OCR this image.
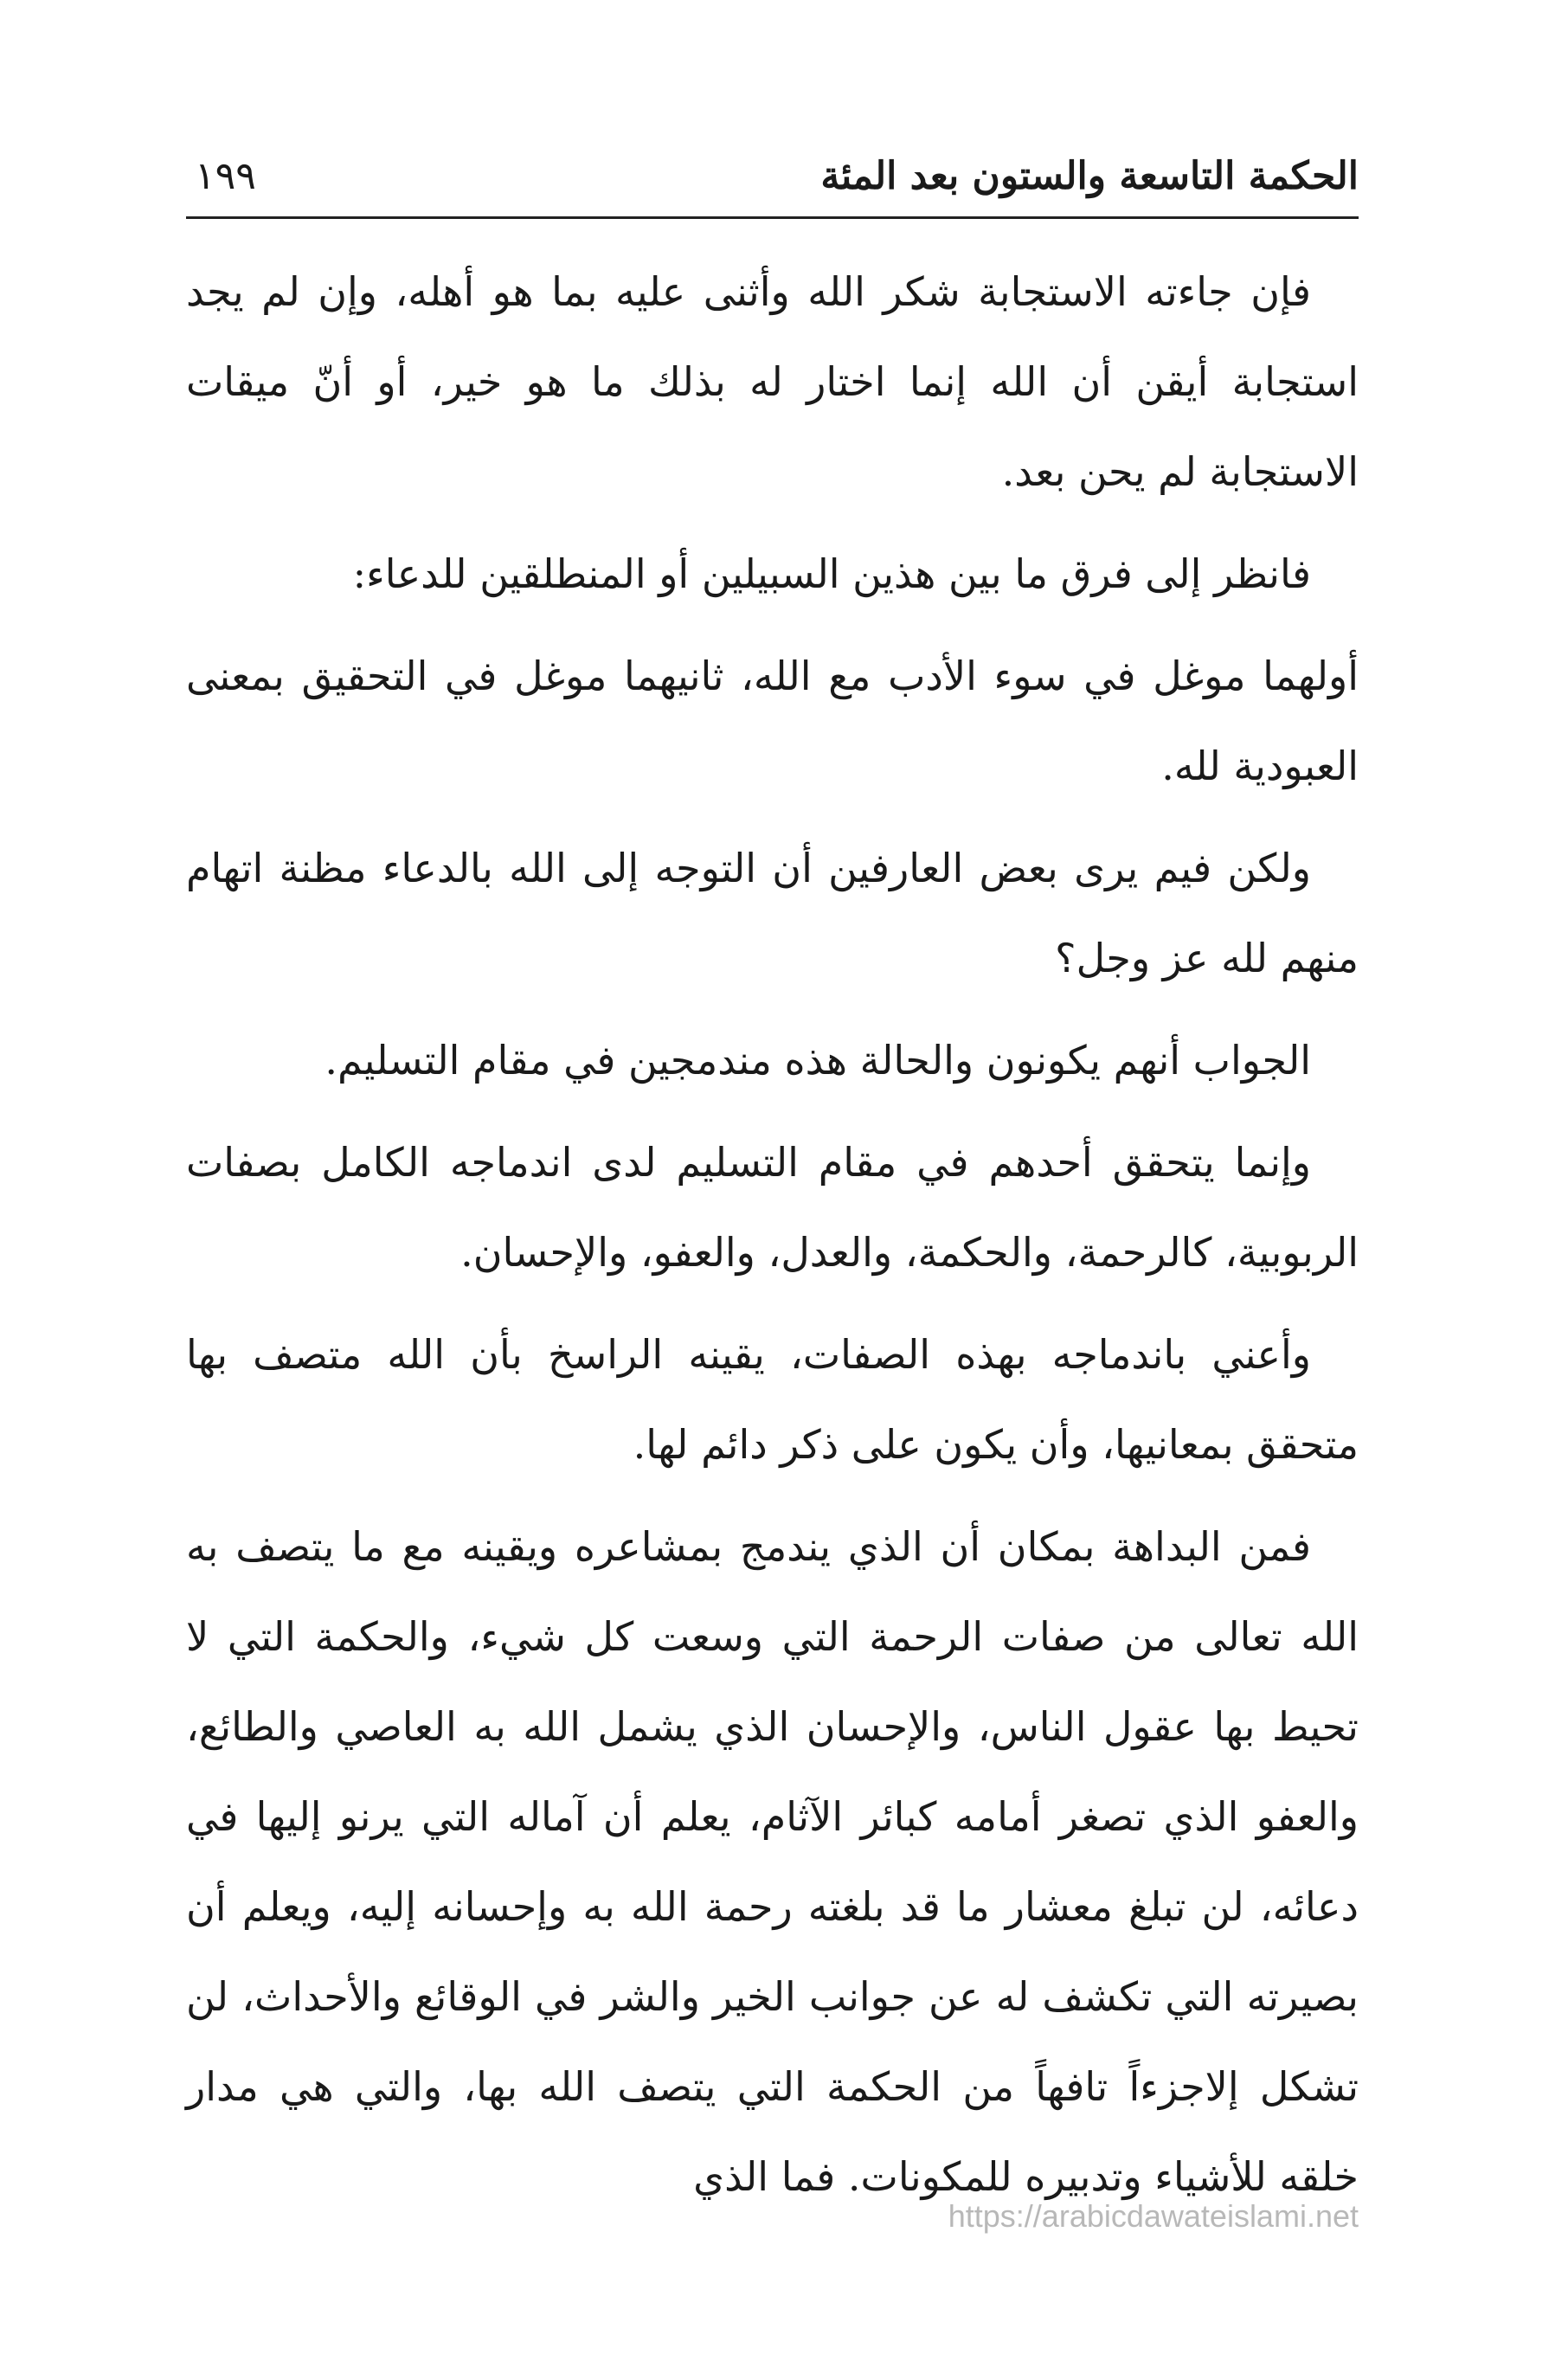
الحكمة التاسعة والستون بعد المئة
١٩٩

فإن جاءته الاستجابة شكر الله وأثنى عليه بما هو أهله، وإن لم يجد استجابة أيقن أن الله إنما اختار له بذلك ما هو خير، أو أنّ ميقات الاستجابة لم يحن بعد.

فانظر إلى فرق ما بين هذين السبيلين أو المنطلقين للدعاء:

أولهما موغل في سوء الأدب مع الله، ثانيهما موغل في التحقيق بمعنى العبودية لله.

ولكن فيم يرى بعض العارفين أن التوجه إلى الله بالدعاء مظنة اتهام منهم لله عز وجل؟

الجواب أنهم يكونون والحالة هذه مندمجين في مقام التسليم.

وإنما يتحقق أحدهم في مقام التسليم لدى اندماجه الكامل بصفات الربوبية، كالرحمة، والحكمة، والعدل، والعفو، والإحسان.

وأعني باندماجه بهذه الصفات، يقينه الراسخ بأن الله متصف بها متحقق بمعانيها، وأن يكون على ذكر دائم لها.

فمن البداهة بمكان أن الذي يندمج بمشاعره ويقينه مع ما يتصف به الله تعالى من صفات الرحمة التي وسعت كل شيء، والحكمة التي لا تحيط بها عقول الناس، والإحسان الذي يشمل الله به العاصي والطائع، والعفو الذي تصغر أمامه كبائر الآثام، يعلم أن آماله التي يرنو إليها في دعائه، لن تبلغ معشار ما قد بلغته رحمة الله به وإحسانه إليه، ويعلم أن بصيرته التي تكشف له عن جوانب الخير والشر في الوقائع والأحداث، لن تشكل إلاجزءاً تافهاً من الحكمة التي يتصف الله بها، والتي هي مدار خلقه للأشياء وتدبيره للمكونات. فما الذي

https://arabicdawateislami.net
